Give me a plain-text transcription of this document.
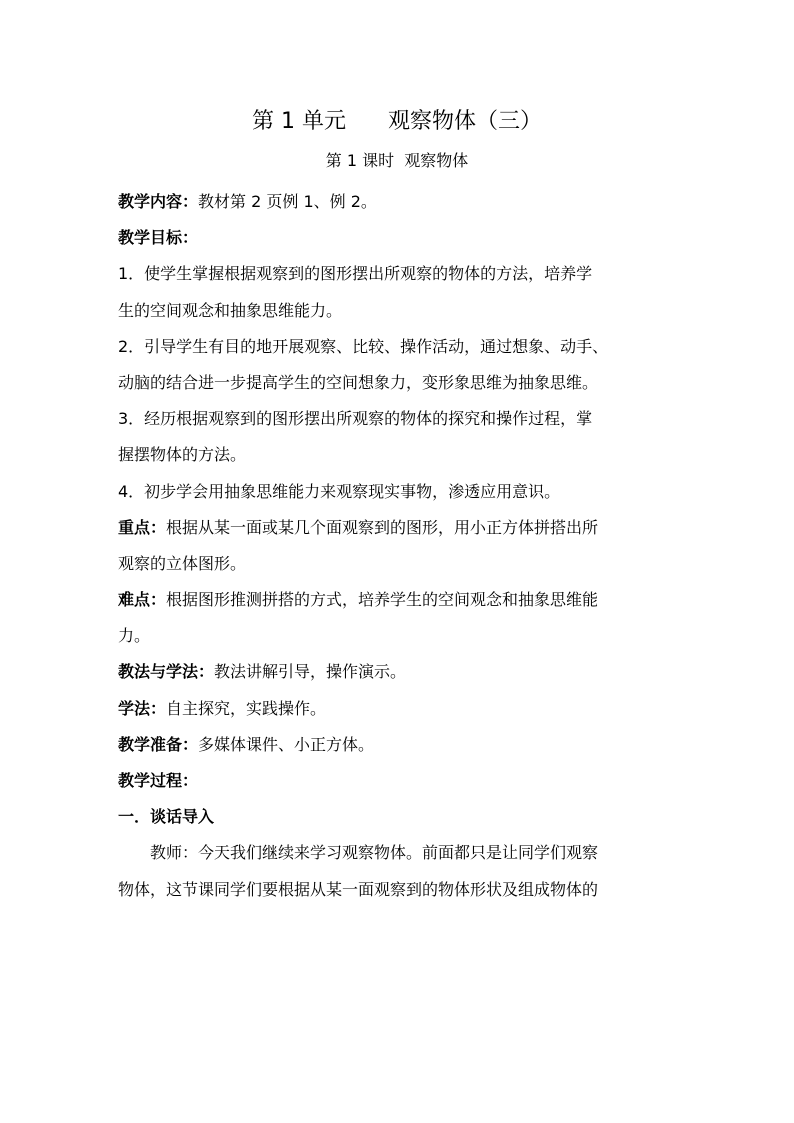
第 1 单元      观察物体（三）
第 1 课时  观察物体
教学内容：教材第 2 页例 1、例 2。
教学目标：
1．使学生掌握根据观察到的图形摆出所观察的物体的方法，培养学
生的空间观念和抽象思维能力。
2．引导学生有目的地开展观察、比较、操作活动，通过想象、动手、
动脑的结合进一步提高学生的空间想象力，变形象思维为抽象思维。
3．经历根据观察到的图形摆出所观察的物体的探究和操作过程，掌
握摆物体的方法。
4．初步学会用抽象思维能力来观察现实事物，渗透应用意识。
重点：根据从某一面或某几个面观察到的图形，用小正方体拼搭出所
观察的立体图形。
难点：根据图形推测拼搭的方式，培养学生的空间观念和抽象思维能
力。
教法与学法：教法讲解引导，操作演示。
学法：自主探究，实践操作。
教学准备：多媒体课件、小正方体。
教学过程：
一．谈话导入
教师：今天我们继续来学习观察物体。前面都只是让同学们观察
物体，这节课同学们要根据从某一面观察到的物体形状及组成物体的
